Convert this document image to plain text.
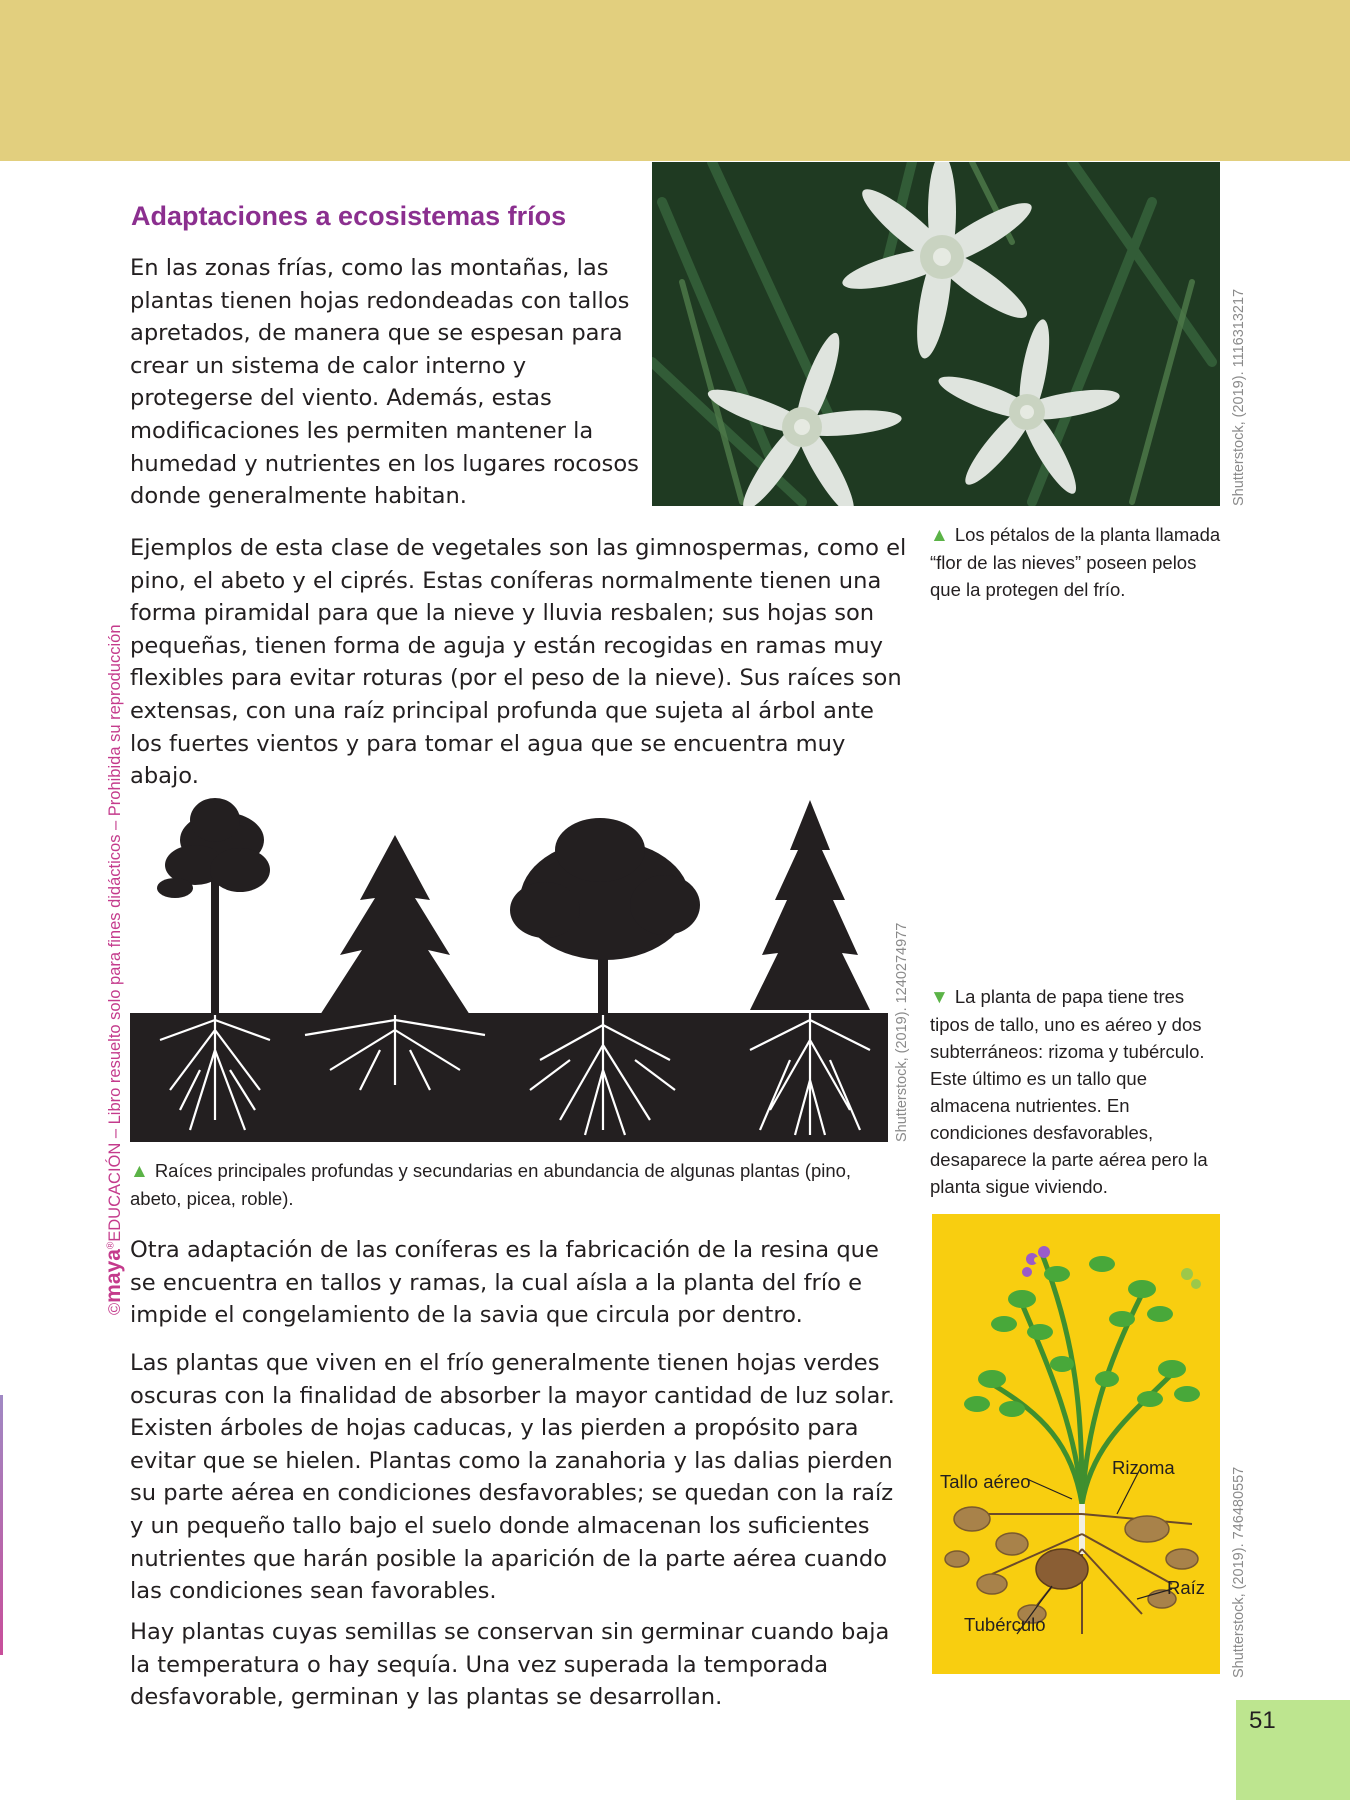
©maya®EDUCACIÓN – Libro resuelto solo para fines didácticos – Prohibida su reproducción
Adaptaciones a ecosistemas fríos

En las zonas frías, como las montañas, las plantas tienen hojas redondeadas con tallos apretados, de manera que se espesan para crear un sistema de calor interno y protegerse del viento. Además, estas modificaciones les permiten mantener la humedad y nutrientes en los lugares rocosos donde generalmente habitan.

Ejemplos de esta clase de vegetales son las gimnospermas, como el pino, el abeto y el ciprés. Estas coníferas normalmente tienen una forma piramidal para que la nieve y lluvia resbalen; sus hojas son pequeñas, tienen forma de aguja y están recogidas en ramas muy flexibles para evitar roturas (por el peso de la nieve). Sus raíces son extensas, con una raíz principal profunda que sujeta al árbol ante los fuertes vientos y para tomar el agua que se encuentra muy abajo.

Otra adaptación de las coníferas es la fabricación de la resina que se encuentra en tallos y ramas, la cual aísla a la planta del frío e impide el congelamiento de la savia que circula por dentro.

Las plantas que viven en el frío generalmente tienen hojas verdes oscuras con la finalidad de absorber la mayor cantidad de luz solar. Existen árboles de hojas caducas, y las pierden a propósito para evitar que se hielen. Plantas como la zanahoria y las dalias pierden su parte aérea en condiciones desfavorables; se quedan con la raíz y un pequeño tallo bajo el suelo donde almacenan los suficientes nutrientes que harán posible la aparición de la parte aérea cuando las condiciones sean favorables.

Hay plantas cuyas semillas se conservan sin germinar cuando baja la temperatura o hay sequía. Una vez superada la temporada desfavorable, germinan y las plantas se desarrollan.

▲ Los pétalos de la planta llamada “flor de las nieves” poseen pelos que la protegen del frío.

Shutterstock, (2019). 1116313217
Shutterstock, (2019). 1240274977

▲ Raíces principales profundas y secundarias en abundancia de algunas plantas (pino, abeto, picea, roble).

▼ La planta de papa tiene tres tipos de tallo, uno es aéreo y dos subterráneos: rizoma y tubérculo. Este último es un tallo que almacena nutrientes. En condiciones desfavorables, desaparece la parte aérea pero la planta sigue viviendo.

Tallo aéreo
Rizoma
Raíz
Tubérculo	Shutterstock, (2019). 746480557
51
